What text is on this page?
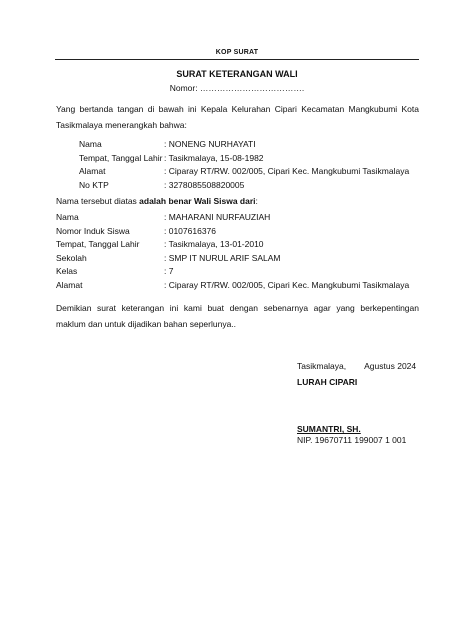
KOP SURAT
SURAT KETERANGAN WALI
Nomor: ……………………………….
Yang bertanda tangan di bawah ini Kepala Kelurahan Cipari Kecamatan Mangkubumi Kota
Tasikmalaya menerangkah bahwa:
Nama	: NONENG NURHAYATI
Tempat, Tanggal Lahir : Tasikmalaya, 15-08-1982
Alamat	: Ciparay RT/RW. 002/005, Cipari Kec. Mangkubumi Tasikmalaya
No KTP	: 3278085508820005
Nama tersebut diatas adalah benar Wali Siswa dari:
Nama	: MAHARANI NURFAUZIAH
Nomor Induk Siswa	: 0107616376
Tempat, Tanggal Lahir	: Tasikmalaya, 13-01-2010
Sekolah	: SMP IT NURUL ARIF SALAM
Kelas	: 7
Alamat	: Ciparay RT/RW. 002/005, Cipari Kec. Mangkubumi Tasikmalaya
Demikian surat keterangan ini kami buat dengan sebenarnya agar yang berkepentingan
maklum dan untuk dijadikan bahan seperlunya..
Tasikmalaya, Agustus 2024
LURAH CIPARI
SUMANTRI, SH.
NIP. 19670711 199007 1 001
